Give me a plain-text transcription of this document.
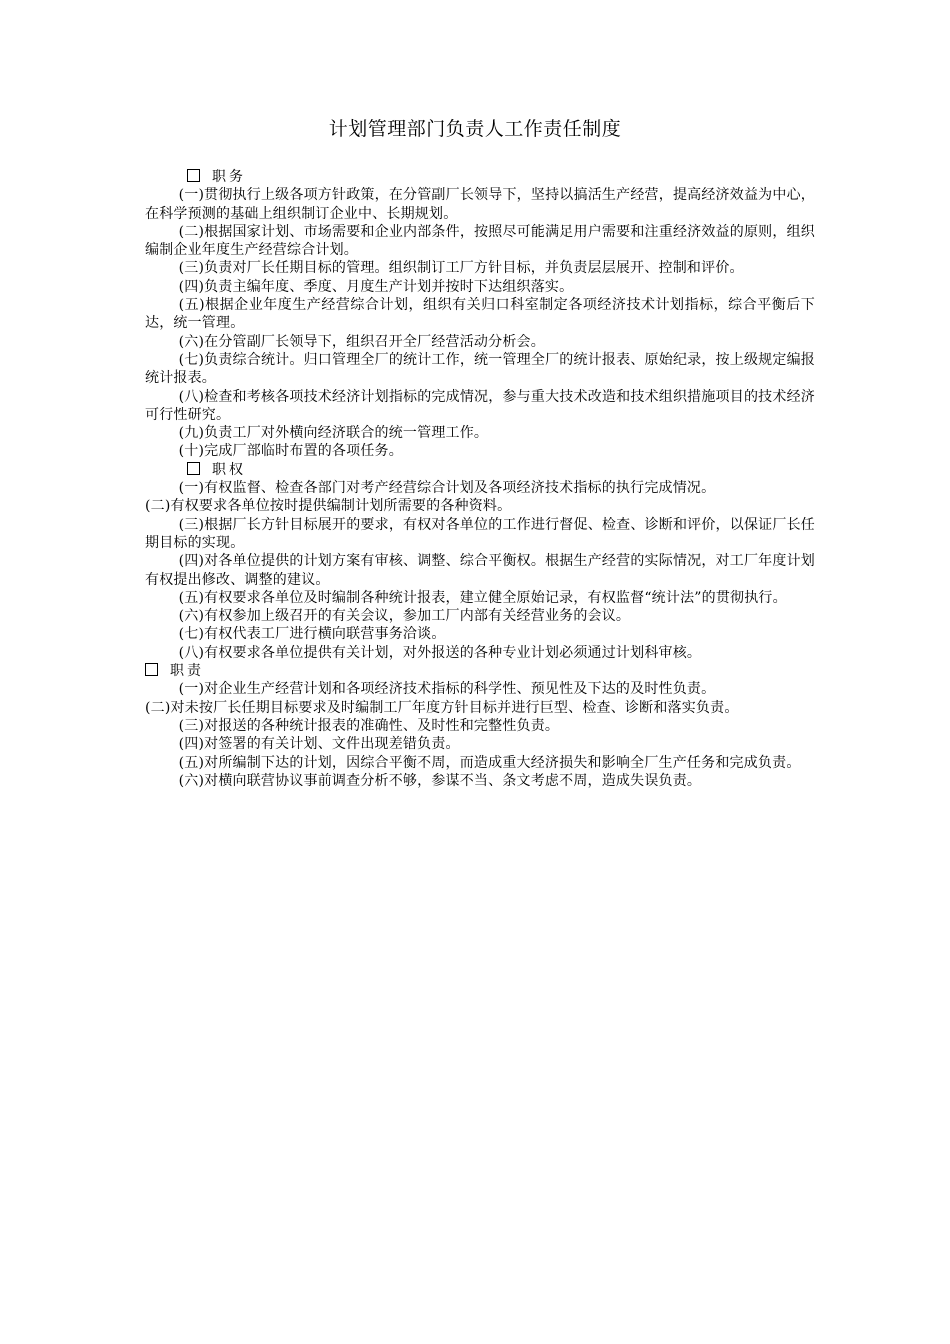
计划管理部门负责人工作责任制度
职务

(一)贯彻执行上级各项方针政策，在分管副厂长领导下，坚持以搞活生产经营，提高经济效益为中心，在科学预测的基础上组织制订企业中、长期规划。

(二)根据国家计划、市场需要和企业内部条件，按照尽可能满足用户需要和注重经济效益的原则，组织编制企业年度生产经营综合计划。

(三)负责对厂长任期目标的管理。组织制订工厂方针目标，并负责层层展开、控制和评价。

(四)负责主编年度、季度、月度生产计划并按时下达组织落实。

(五)根据企业年度生产经营综合计划，组织有关归口科室制定各项经济技术计划指标，综合平衡后下达，统一管理。

(六)在分管副厂长领导下，组织召开全厂经营活动分析会。

(七)负责综合统计。归口管理全厂的统计工作，统一管理全厂的统计报表、原始纪录，按上级规定编报统计报表。

(八)检查和考核各项技术经济计划指标的完成情况，参与重大技术改造和技术组织措施项目的技术经济可行性研究。

(九)负责工厂对外横向经济联合的统一管理工作。

(十)完成厂部临时布置的各项任务。

职权

(一)有权监督、检查各部门对考产经营综合计划及各项经济技术指标的执行完成情况。

(二)有权要求各单位按时提供编制计划所需要的各种资料。

(三)根据厂长方针目标展开的要求，有权对各单位的工作进行督促、检查、诊断和评价，以保证厂长任期目标的实现。

(四)对各单位提供的计划方案有审核、调整、综合平衡权。根据生产经营的实际情况，对工厂年度计划有权提出修改、调整的建议。

(五)有权要求各单位及时编制各种统计报表，建立健全原始记录，有权监督“统计法”的贯彻执行。

(六)有权参加上级召开的有关会议，参加工厂内部有关经营业务的会议。

(七)有权代表工厂进行横向联营事务洽谈。

(八)有权要求各单位提供有关计划，对外报送的各种专业计划必须通过计划科审核。

职责

(一)对企业生产经营计划和各项经济技术指标的科学性、预见性及下达的及时性负责。

(二)对未按厂长任期目标要求及时编制工厂年度方针目标并进行巨型、检查、诊断和落实负责。

(三)对报送的各种统计报表的准确性、及时性和完整性负责。

(四)对签署的有关计划、文件出现差错负责。

(五)对所编制下达的计划，因综合平衡不周，而造成重大经济损失和影响全厂生产任务和完成负责。

(六)对横向联营协议事前调查分析不够，参谋不当、条文考虑不周，造成失误负责。
